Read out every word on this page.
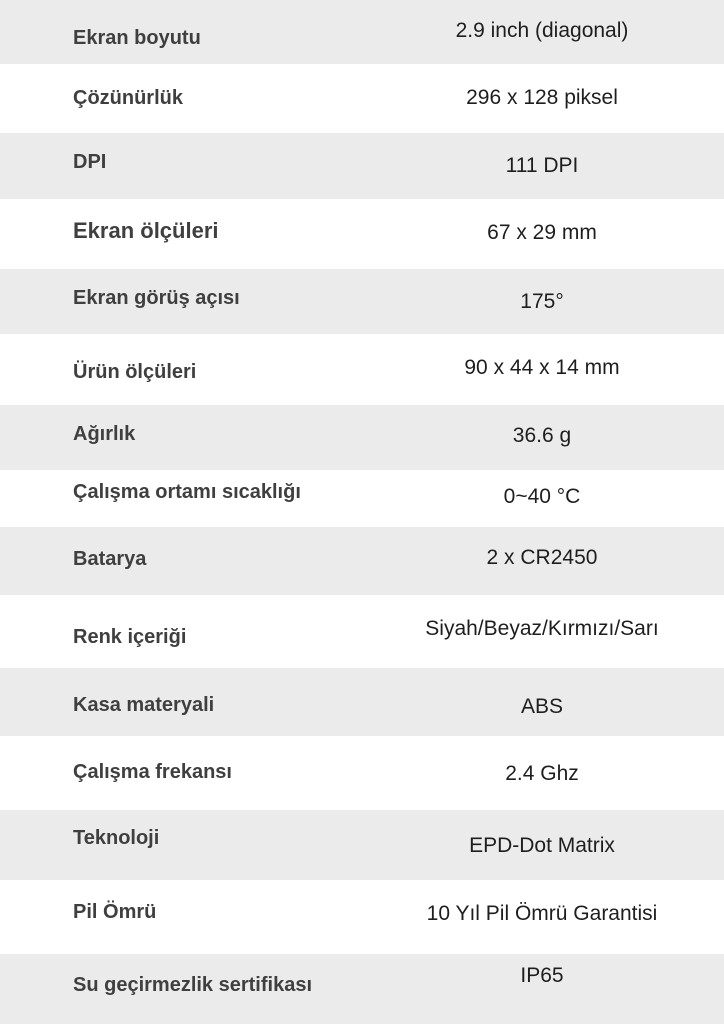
Ekran boyutu	2.9 inch (diagonal)
Çözünürlük	296 x 128 piksel
DPI	111 DPI
Ekran ölçüleri	67 x 29 mm
Ekran görüş açısı	175°
Ürün ölçüleri	90 x 44 x 14 mm
Ağırlık	36.6 g
Çalışma ortamı sıcaklığı	0~40 °C
Batarya	2 x CR2450
Renk içeriği	Siyah/Beyaz/Kırmızı/Sarı
Kasa materyali	ABS
Çalışma frekansı	2.4 Ghz
Teknoloji	EPD-Dot Matrix
Pil Ömrü	10 Yıl Pil Ömrü Garantisi
Su geçirmezlik sertifikası	IP65
